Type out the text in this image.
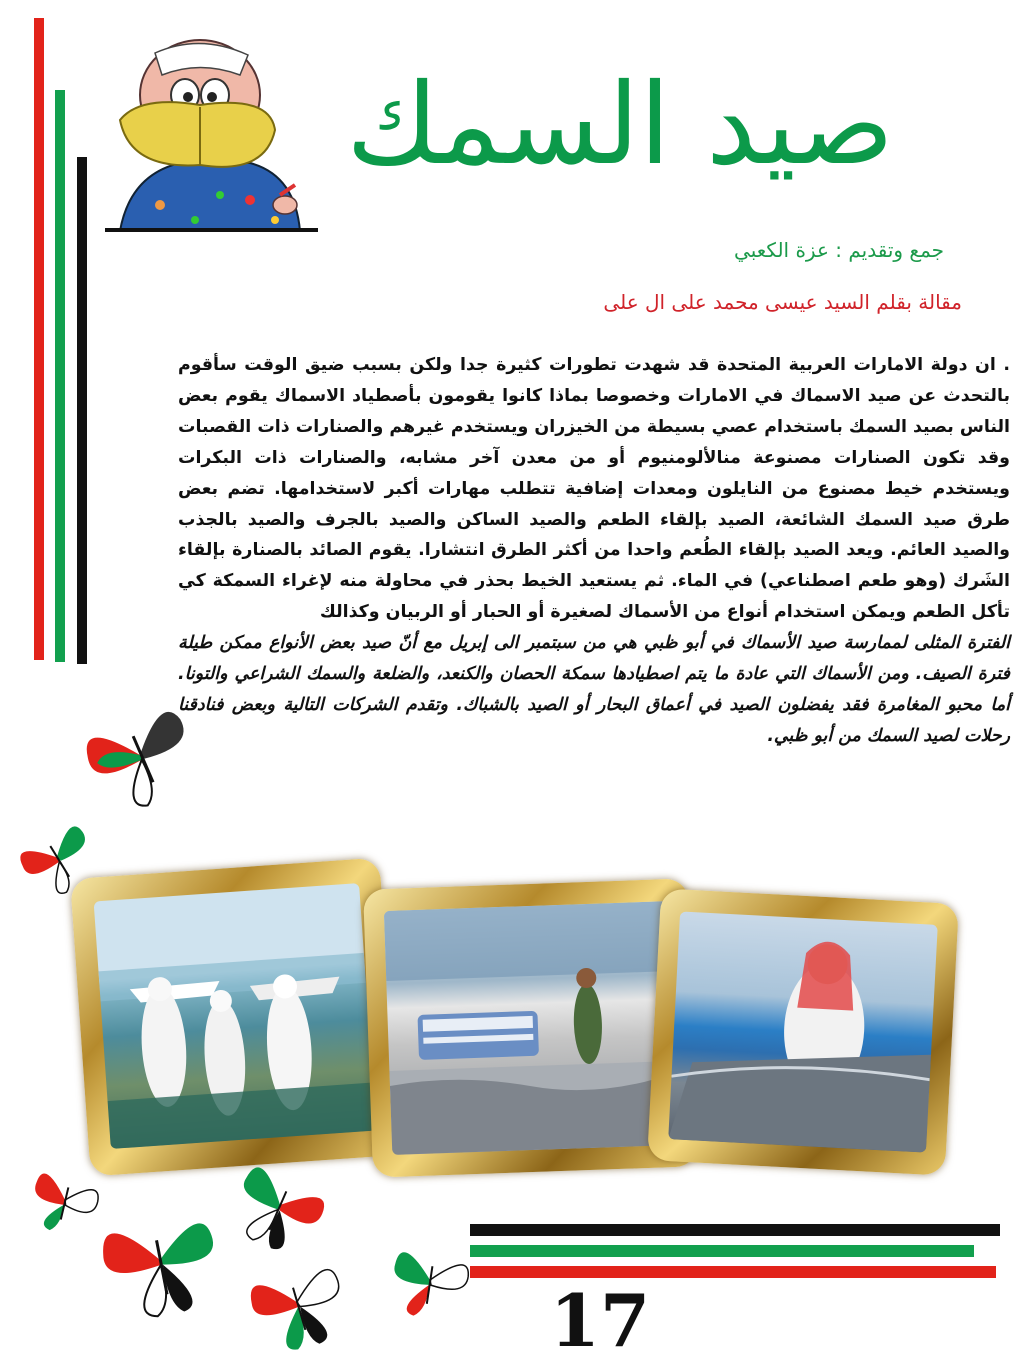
صيد السمك
جمع وتقديم : عزة الكعبي
مقالة بقلم السيد عيسى محمد على ال على

. ان دولة الامارات العربية المتحدة قد شهدت تطورات كثيرة جدا ولكن بسبب ضيق الوقت سأقوم بالتحدث عن صيد الاسماك في الامارات وخصوصا بماذا كانوا يقومون بأصطياد الاسماك يقوم بعض الناس بصيد السمك باستخدام عصي بسيطة من الخيزران ويستخدم غيرهم والصنارات ذات القصبات وقد تكون الصنارات مصنوعة منالألومنيوم أو من معدن آخر مشابه، والصنارات ذات البكرات ويستخدم خيط مصنوع من النايلون ومعدات إضافية تتطلب مهارات أكبر لاستخدامها. تضم بعض طرق صيد السمك الشائعة، الصيد بإلقاء الطعم والصيد الساكن والصيد بالجرف والصيد بالجذب والصيد العائم. ويعد الصيد بإلقاء الطُعم واحدا من أكثر الطرق انتشارا. يقوم الصائد بالصنارة بإلقاء الشَرك (وهو طعم اصطناعي) في الماء. ثم يستعيد الخيط بحذر في محاولة منه لإغراء السمكة كي تأكل الطعم ويمكن استخدام أنواع من الأسماك لصغيرة أو الحبار أو الربيان وكذالك

الفترة المثلى لممارسة صيد الأسماك في أبو ظبي هي من سبتمبر الى إبريل مع أنّ صيد بعض الأنواع ممكن طيلة فترة الصيف. ومن الأسماك التي عادة ما يتم اصطيادها سمكة الحصان والكنعد، والضلعة والسمك الشراعي والتونا. أما محبو المغامرة فقد يفضلون الصيد في أعماق البحار أو الصيد بالشباك. وتقدم الشركات التالية وبعض فنادقنا رحلات لصيد السمك من أبو ظبي.

17
